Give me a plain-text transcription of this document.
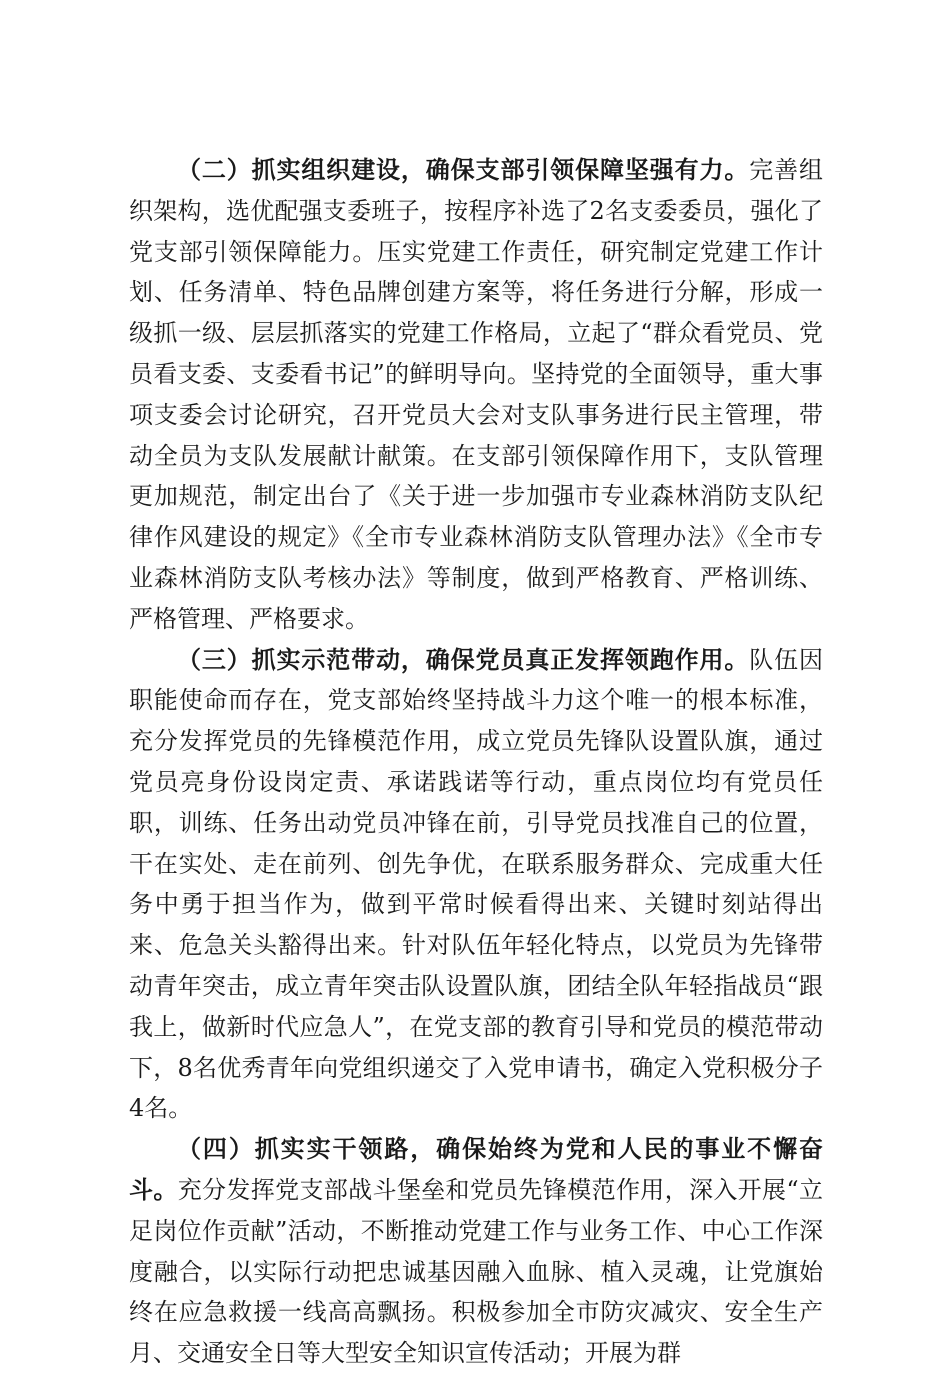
（二）抓实组织建设，确保支部引领保障坚强有力。完善组织架构，选优配强支委班子，按程序补选了2名支委委员，强化了党支部引领保障能力。压实党建工作责任，研究制定党建工作计划、任务清单、特色品牌创建方案等，将任务进行分解，形成一级抓一级、层层抓落实的党建工作格局，立起了“群众看党员、党员看支委、支委看书记”的鲜明导向。坚持党的全面领导，重大事项支委会讨论研究，召开党员大会对支队事务进行民主管理，带动全员为支队发展献计献策。在支部引领保障作用下，支队管理更加规范，制定出台了《关于进一步加强市专业森林消防支队纪律作风建设的规定》《全市专业森林消防支队管理办法》《全市专业森林消防支队考核办法》等制度，做到严格教育、严格训练、严格管理、严格要求。

（三）抓实示范带动，确保党员真正发挥领跑作用。队伍因职能使命而存在，党支部始终坚持战斗力这个唯一的根本标准，充分发挥党员的先锋模范作用，成立党员先锋队设置队旗，通过党员亮身份设岗定责、承诺践诺等行动，重点岗位均有党员任职，训练、任务出动党员冲锋在前，引导党员找准自己的位置，干在实处、走在前列、创先争优，在联系服务群众、完成重大任务中勇于担当作为，做到平常时候看得出来、关键时刻站得出来、危急关头豁得出来。针对队伍年轻化特点，以党员为先锋带动青年突击，成立青年突击队设置队旗，团结全队年轻指战员“跟我上，做新时代应急人”，在党支部的教育引导和党员的模范带动下，8名优秀青年向党组织递交了入党申请书，确定入党积极分子4名。

（四）抓实实干领路，确保始终为党和人民的事业不懈奋斗。充分发挥党支部战斗堡垒和党员先锋模范作用，深入开展“立足岗位作贡献”活动，不断推动党建工作与业务工作、中心工作深度融合，以实际行动把忠诚基因融入血脉、植入灵魂，让党旗始终在应急救援一线高高飘扬。积极参加全市防灾减灾、安全生产月、交通安全日等大型安全知识宣传活动；开展为群
